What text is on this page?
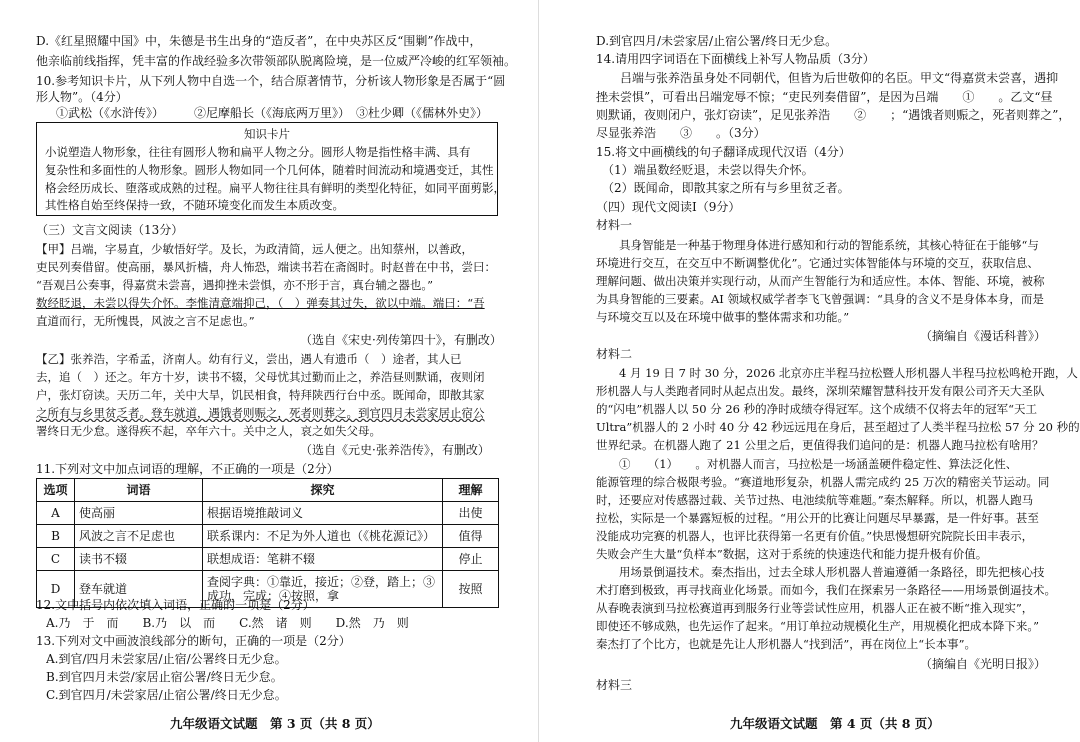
D.《红星照耀中国》中，朱德是书生出身的“造反者”，在中央苏区反“围剿”作战中，
他亲临前线指挥，凭丰富的作战经验多次带领部队脱离险境，是一位威严冷峻的红军领袖。
10.参考知识卡片，从下列人物中自选一个，结合原著情节，分析该人物形象是否属于“圆
形人物”。（4分）
①武松（《水浒传》）　　　②尼摩船长（《海底两万里》）　③杜少卿（《儒林外史》）
知识卡片
小说塑造人物形象，往往有圆形人物和扁平人物之分。圆形人物是指性格丰满、具有
复杂性和多面性的人物形象。圆形人物如同一个几何体，随着时间流动和境遇变迁，其性
格会经历成长、堕落或成熟的过程。扁平人物往往具有鲜明的类型化特征，如同平面剪影，
其性格自始至终保持一致，不随环境变化而发生本质改变。
（三）文言文阅读（13分）
【甲】吕端，字易直，少敏悟好学。及长，为政清简，远人便之。出知蔡州，以善政，
吏民列奏借留。使高丽，暴风折樯，舟人怖恐，端读书若在斋阁时。时赵普在中书，尝曰：
“吾观吕公奏事，得嘉赏未尝喜，遇抑挫未尝惧，亦不形于言，真台辅之器也。”
数经眨退，未尝以得失介怀。李惟清意端抑己，（　）弹奏其过失，欲以中端。端曰：“吾
直道而行，无所愧畏，风波之言不足虑也。”
（选自《宋史·列传第四十》，有删改）
【乙】张养浩，字希孟，济南人。幼有行义，尝出，遇人有遗币（　）途者，其人已
去，追（　）还之。年方十岁，读书不辍，父母忧其过勤而止之，养浩昼则默诵，夜则闭
户，张灯窃读。天历二年，关中大旱，饥民相食，特拜陕西行台中丞。既闻命，即散其家
之所有与乡里贫乏者。登车就道，遇饿者则赈之，死者则葬之。到官四月未尝家居止宿公
署终日无少怠。遂得疾不起，卒年六十。关中之人，哀之如失父母。
（选自《元史·张养浩传》，有删改）
11.下列对文中加点词语的理解，不正确的一项是（2分）
选项	词语	探究	理解
A	使高丽	根据语境推敲词义	出使
B	风波之言不足虑也	联系课内：不足为外人道也（《桃花源记》）	值得
C	读书不辍	联想成语：笔耕不辍	停止
D	登车就道	查阅字典：①靠近，接近；②登，踏上；③成功，完成；④按照，拿	按照
12.文中括号内依次填入词语，正确的一项是（2分）
A.乃　于　而　　B.乃　以　而　　C.然　诸　则　　D.然　乃　则
13.下列对文中画波浪线部分的断句，正确的一项是（2分）
A.到官/四月未尝家居/止宿/公署终日无少怠。
B.到官四月未尝/家居止宿公署/终日无少怠。
C.到官四月/未尝家居/止宿公署/终日无少怠。
九年级语文试题　第 3 页（共 8 页）
D.到官四月/未尝家居/止宿公署/终日无少怠。
14.请用四字词语在下面横线上补写人物品质（3分）
　　吕端与张养浩虽身处不同朝代，但皆为后世敬仰的名臣。甲文“得嘉赏未尝喜，遇抑
挫未尝惧”，可看出吕端宠辱不惊；“吏民列奏借留”，是因为吕端　　①　　。乙文“昼
则默诵，夜则闭户，张灯窃读”，足见张养浩　　②　　；“遇饿者则赈之，死者则葬之”，
尽显张养浩　　③　　。（3分）
15.将文中画横线的句子翻译成现代汉语（4分）
　（1）端虽数经贬退，未尝以得失介怀。
　（2）既闻命，即散其家之所有与乡里贫乏者。
（四）现代文阅读Ⅰ（9分）
材料一
　　具身智能是一种基于物理身体进行感知和行动的智能系统，其核心特征在于能够“与
环境进行交互，在交互中不断调整优化”。它通过实体智能体与环境的交互，获取信息、
理解问题、做出决策并实现行动，从而产生智能行为和适应性。本体、智能、环境，被称
为具身智能的三要素。AI 领域权威学者李飞飞曾强调：“具身的含义不是身体本身，而是
与环境交互以及在环境中做事的整体需求和功能。”
（摘编自《漫话科普》）
材料二
　　4 月 19 日 7 时 30 分，2026 北京亦庄半程马拉松暨人形机器人半程马拉松鸣枪开跑，人
形机器人与人类跑者同时从起点出发。最终，深圳荣耀智慧科技开发有限公司齐天大圣队
的“闪电”机器人以 50 分 26 秒的净时成绩夺得冠军。这个成绩不仅将去年的冠军“天工
Ultra”机器人的 2 小时 40 分 42 秒远远甩在身后，甚至超过了人类半程马拉松 57 分 20 秒的
世界纪录。在机器人跑了 21 公里之后，更值得我们追问的是：机器人跑马拉松有啥用？
　　①　　（1）　　。对机器人而言，马拉松是一场涵盖硬件稳定性、算法泛化性、
能源管理的综合极限考验。“赛道地形复杂，机器人需完成约 25 万次的精密关节运动。同
时，还要应对传感器过载、关节过热、电池续航等难题。”秦杰解释。所以，机器人跑马
拉松，实际是一个暴露短板的过程。“用公开的比赛让问题尽早暴露，是一件好事。甚至
没能成功完赛的机器人，也评比获得第一名更有价值。”快思慢想研究院院长田丰表示，
失败会产生大量“负样本”数据，这对于系统的快速迭代和能力提升极有价值。
　　用场景倒逼技术。秦杰指出，过去全球人形机器人普遍遵循一条路径，即先把核心技
术打磨到极致，再寻找商业化场景。而如今，我们在探索另一条路径——用场景倒逼技术。
从春晚表演到马拉松赛道再到服务行业等尝试性应用，机器人正在被不断“推入现实”，
即使还不够成熟，也先运作了起来。“用订单拉动规模化生产，用规模化把成本降下来。”
秦杰打了个比方，也就是先让人形机器人“找到活”，再在岗位上“长本事”。
（摘编自《光明日报》）
材料三
九年级语文试题　第 4 页（共 8 页）
